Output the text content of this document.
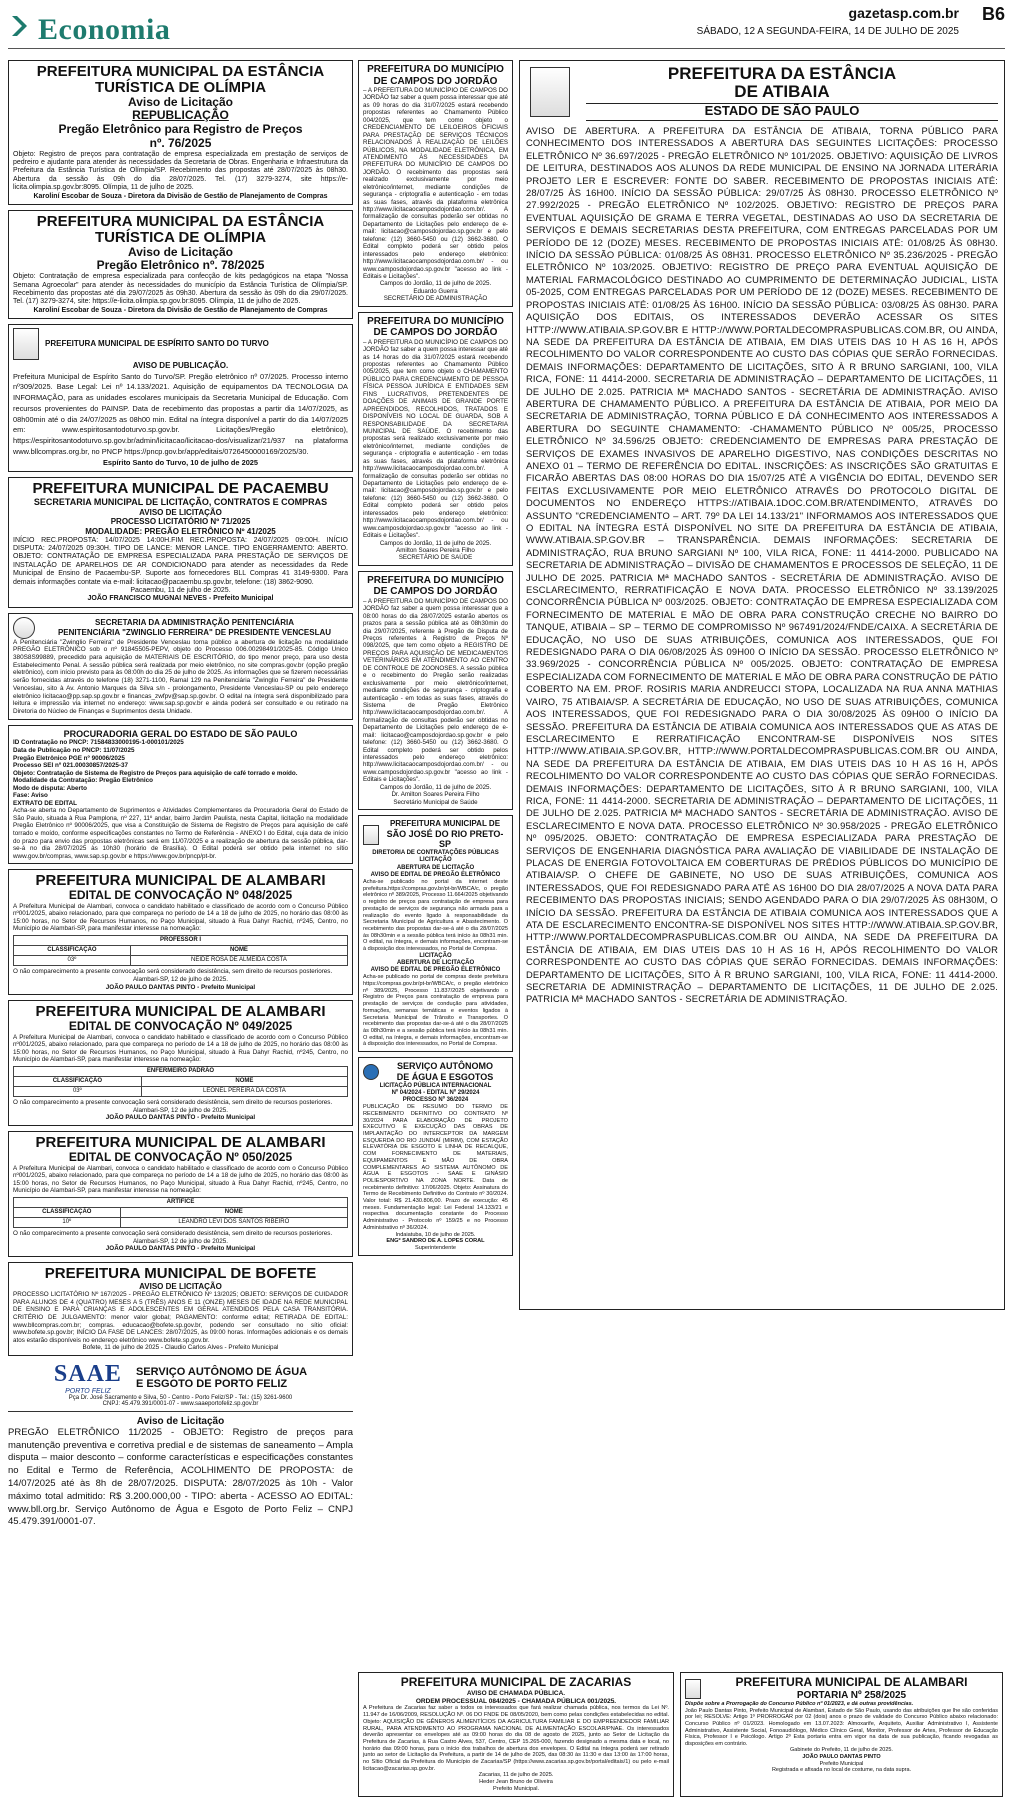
Economia	gazetasp.com.br
SÁBADO, 12 A SEGUNDA-FEIRA, 14 DE JULHO DE 2025
B6
PREFEITURA MUNICIPAL DA ESTÂNCIA
TURÍSTICA DE OLÍMPIA
Aviso de Licitação
REPUBLICAÇÃO
Pregão Eletrônico para Registro de Preços
nº. 76/2025
Objeto: Registro de preços para contratação de empresa especializada em prestação de serviços de pedreiro e ajudante para atender às necessidades da Secretaria de Obras. Engenharia e Infraestrutura da Prefeitura da Estância Turística de Olímpia/SP. Recebimento das propostas até 28/07/2025 às 08h30. Abertura da sessão às 09h do dia 28/07/2025. Tel. (17) 3279-3274, site https://e-licita.olimpia.sp.gov.br:8095. Olímpia, 11 de julho de 2025.
Karoliní Escobar de Souza - Diretora da Divisão de Gestão de Planejamento de Compras
PREFEITURA MUNICIPAL DA ESTÂNCIA
TURÍSTICA DE OLÍMPIA
Aviso de Licitação
Pregão Eletrônico nº. 78/2025
Objeto: Contratação de empresa especializada para confecção de kits pedagógicos na etapa "Nossa Semana Agroecolar" para atender às necessidades do município da Estância Turística de Olímpia/SP. Recebimento das propostas até dia 29/07/2025 às 09h30. Abertura da sessão às 09h do dia 29/07/2025. Tel. (17) 3279-3274, site: https://e-licita.olimpia.sp.gov.br:8095. Olímpia, 11 de julho de 2025.
Karoliní Escobar de Souza - Diretora da Divisão de Gestão de Planejamento de Compras
PREFEITURA MUNICIPAL DE ESPÍRITO SANTO DO TURVO
AVISO DE PUBLICAÇÃO.
Prefeitura Municipal de Espírito Santo do Turvo/SP. Pregão eletrônico nº 07/2025. Processo interno nº309/2025. Base Legal: Lei nº 14.133/2021. Aquisição de equipamentos DA TECNOLOGIA DA INFORMAÇÃO, para as unidades escolares municipais da Secretaria Municipal de Educação. Com recursos provenientes do PAINSP. Data de recebimento das propostas a partir dia 14/07/2025, as 08h00min até o dia 24/07/2025 as 08h00 min. Edital na íntegra disponível a partir do dia 14/07/2025 em: www.espiritosantodoturvo.sp.gov.br. Licitações/Pregão eletrônico), https://espiritosantodoturvo.sp.gov.br/admin/licitacao/licitacao-dos/visualizar/21/937 na plataforma www.bllcompras.org.br, no PNCP https://pncp.gov.br/app/editais/0726450000169/2025/30.
Espírito Santo do Turvo, 10 de julho de 2025
PREFEITURA MUNICIPAL DE PACAEMBU
SECRETARIA MUNICIPAL DE LICITAÇÃO, CONTRATOS E COMPRAS
AVISO DE LICITAÇÃO
PROCESSO LICITATÓRIO Nº 71/2025
MODALIDADE: PREGÃO ELETRÔNICO Nº 41/2025
INÍCIO REC.PROPOSTA: 14/07/2025 14:00H.FIM REC.PROPOSTA: 24/07/2025 09:00H. INÍCIO DISPUTA: 24/07/2025 09:30H. TIPO DE LANCE: MENOR LANCE. TIPO ENGERRAMENTO: ABERTO. OBJETO: CONTRATAÇÃO DE EMPRESA ESPECIALIZADA PARA PRESTAÇÃO DE SERVIÇOS DE INSTALAÇÃO DE APARELHOS DE AR CONDICIONADO para atender as necessidades da Rede Municipal de Ensino de Pacaembu-SP. Suporte aos fornecedores BLL Compras 41 3149-9300. Para demais informações contate via e-mail: licitacao@pacaembu.sp.gov.br, telefone: (18) 3862-9090.
Pacaembu, 11 de julho de 2025.
JOÃO FRANCISCO MUGNAI NEVES - Prefeito Municipal
SECRETARIA DA ADMINISTRAÇÃO PENITENCIÁRIA
PENITENCIÁRIA "ZWINGLIO FERREIRA" DE PRESIDENTE VENCESLAU
A Penitenciária "Zwinglio Ferreira" de Presidente Venceslau torna público a abertura de licitação na modalidade PREGÃO ELETRÔNICO sob o nº 91845505-PEPV, objeto do Processo 006.00298491/2025-85. Código Unico 380S8S99889, precedido para aquisição de MATERIAIS DE ESCRITÓRIO, do tipo menor preço, para uso desta Estabelecimento Penal. A sessão pública será realizada por meio eletrônico, no site compras.gov.br (opção pregão eletrônico), com início previsto para às 08:00h do dia 25 de julho de 2025. As informações que se fizerem necessárias serão fornecidas através do telefone (18) 3271-1100, Ramal 129 na Penitenciária "Zwinglio Ferreira" de Presidente Venceslau, sito à Av. Antonio Marques da Silva s/n - prolongamento, Presidente Venceslau-SP ou pelo endereço eletrônico licitacao@pp.sap.sp.gov.br e financas_zwfpv@sap.sp.gov.br. O edital na íntegra será disponibilizado para leitura e impressão via internet no endereço: www.sap.sp.gov.br e ainda poderá ser consultado e ou retirado na Diretoria do Núcleo de Finanças e Suprimentos desta Unidade.
PROCURADORIA GERAL DO ESTADO DE SÃO PAULO
ID Contratação no PNCP: 71584833000195-1-000101/2025
Data de Publicação no PNCP: 11/07/2025
Pregão Eletrônico PGE nº 90006/2025
Processo SEI nº 021.00030857/2025-37
Objeto: Contratação de Sistema de Registro de Preços para aquisição de café torrado e moído.
Modalidade da Contratação: Pregão Eletrônico
Modo de disputa: Aberto
Fase: Aviso
EXTRATO DE EDITAL
Acha-se aberta no Departamento de Suprimentos e Atividades Complementares da Procuradoria Geral do Estado de São Paulo, situada à Rua Pamplona, nº 227, 11º andar, bairro Jardim Paulista, nesta Capital, licitação na modalidade Pregão Eletrônico nº 90006/2025, que visa a Constituição de Sistema de Registro de Preços para aquisição de café torrado e moído, conforme especificações constantes no Termo de Referência - ANEXO I do Edital, cuja data de início do prazo para envio das propostas eletrônicas será em 11/07/2025 e a realização de abertura da sessão pública, dar-se-á no dia 28/07/2025 às 10h30 (horário de Brasília). O Edital poderá ser obtido pela internet no sítio www.gov.br/compras, www.sap.sp.gov.br e https://www.gov.br/pncp/pt-br.
PREFEITURA MUNICIPAL DE ALAMBARI
EDITAL DE CONVOCAÇÃO Nº 048/2025
A Prefeitura Municipal de Alambari, convoca o candidato habilitado e classificado de acordo com o Concurso Público nº001/2025, abaixo relacionado, para que compareça no período de 14 a 18 de julho de 2025, no horário das 08:00 às 15:00 horas, no Setor de Recursos Humanos, no Paço Municipal, situado à Rua Dahyr Rachid, nº245, Centro, no Município de Alambari-SP, para manifestar interesse na nomeação:
PROFESSOR I	
CLASSIFICAÇÃO	NOME
03º	NEIDE ROSA DE ALMEIDA COSTA
O não comparecimento a presente convocação será considerado desistência, sem direito de recursos posteriores.
Alambari-SP, 12 de julho de 2025.
JOÃO PAULO DANTAS PINTO - Prefeito Municipal
PREFEITURA MUNICIPAL DE ALAMBARI
EDITAL DE CONVOCAÇÃO Nº 049/2025
A Prefeitura Municipal de Alambari, convoca o candidato habilitado e classificado de acordo com o Concurso Público nº001/2025, abaixo relacionado, para que compareça no período de 14 a 18 de julho de 2025, no horário das 08:00 às 15:00 horas, no Setor de Recursos Humanos, no Paço Municipal, situado à Rua Dahyr Rachid, nº245, Centro, no Município de Alambari-SP, para manifestar interesse na nomeação:
ENFERMEIRO PADRÃO	
CLASSIFICAÇÃO	NOME
03º	LEONEL PEREIRA DA COSTA
O não comparecimento a presente convocação será considerado desistência, sem direito de recursos posteriores.
Alambari-SP, 12 de julho de 2025.
JOÃO PAULO DANTAS PINTO - Prefeito Municipal
PREFEITURA MUNICIPAL DE ALAMBARI
EDITAL DE CONVOCAÇÃO Nº 050/2025
A Prefeitura Municipal de Alambari, convoca o candidato habilitado e classificado de acordo com o Concurso Público nº001/2025, abaixo relacionado, para que compareça no período de 14 a 18 de julho de 2025, no horário das 08:00 às 15:00 horas, no Setor de Recursos Humanos, no Paço Municipal, situado à Rua Dahyr Rachid, nº245, Centro, no Município de Alambari-SP, para manifestar interesse na nomeação:
ARTÍFICE	
CLASSIFICAÇÃO	NOME
10º	LEANDRO LEVI DOS SANTOS RIBEIRO
O não comparecimento a presente convocação será considerado desistência, sem direito de recursos posteriores.
Alambari-SP, 12 de julho de 2025.
JOÃO PAULO DANTAS PINTO - Prefeito Municipal
PREFEITURA MUNICIPAL DE BOFETE
AVISO DE LICITAÇÃO
PROCESSO LICITATÓRIO Nº 167/2025 - PREGÃO ELETRÔNICO Nº 13/2025; OBJETO: SERVIÇOS DE CUIDADOR PARA ALUNOS DE 4 (QUATRO) MESES A 5 (TRÊS) ANOS E 11 (ONZE) MESES DE IDADE NA REDE MUNICIPAL DE ENSINO E PARA CRIANÇAS E ADOLESCENTES EM GERAL ATENDIDOS PELA CASA TRANSITÓRIA. CRITÉRIO DE JULGAMENTO: menor valor global; PAGAMENTO: conforme edital; RETIRADA DE EDITAL: www.bllcompras.com.br; compras. educacao@bofete.sp.gov.br, podendo ser consultado no sítio oficial: www.bofete.sp.gov.br; INÍCIO DA FASE DE LANCES: 28/07/2025, às 09:00 horas. Informações adicionais e os demais atos estarão disponíveis no endereço eletrônico www.bofete.sp.gov.br.
Bofete, 11 de julho de 2025 - Claudio Carlos Alves - Prefeito Municipal
SAAE
PORTO FELIZ
SERVIÇO AUTÔNOMO DE ÁGUA
E ESGOTO DE PORTO FELIZ
Pça Dr. José Sacramento e Silva, 50 - Centro - Porto Feliz/SP - Tel.: (15) 3261-9600
CNPJ: 45.479.391/0001-07 - www.saaeportofeliz.sp.gov.br
Aviso de Licitação
PREGÃO ELETRÔNICO 11/2025 - OBJETO: Registro de preços para manutenção preventiva e corretiva predial e de sistemas de saneamento – Ampla disputa – maior desconto – conforme características e especificações constantes no Edital e Termo de Referência, ACOLHIMENTO DE PROPOSTA: de 14/07/2025 até às 8h de 28/07/2025. DISPUTA: 28/07/2025 às 10h - Valor máximo total admitido: R$ 3.200.000,00 - TIPO: aberta - ACESSO AO EDITAL: www.bll.org.br. Serviço Autônomo de Água e Esgoto de Porto Feliz – CNPJ 45.479.391/0001-07.
PREFEITURA DO MUNICÍPIO DE CAMPOS DO JORDÃO
– A PREFEITURA DO MUNICÍPIO DE CAMPOS DO JORDÃO faz saber a quem possa interessar que até as 09 horas do dia 31/07/2025 estará recebendo propostas referentes ao Chamamento Público 004/2025, que tem como objeto o CREDENCIAMENTO DE LEILOEIROS OFICIAIS PARA PRESTAÇÃO DE SERVIÇOS TÉCNICOS RELACIONADOS À REALIZAÇÃO DE LEILÕES PÚBLICOS, NA MODALIDADE ELETRÔNICA, EM ATENDIMENTO ÀS NECESSIDADES DA PREFEITURA DO MUNICÍPIO DE CAMPOS DO JORDÃO. O recebimento das propostas será realizado exclusivamente por meio eletrônico/internet, mediante condições de segurança - criptografia e autenticação - em todas as suas fases, através da plataforma eletrônica http://www.licitacaocamposdojordao.com.br/. A formalização de consultas poderão ser obtidas no Departamento de Licitações pelo endereço de e-mail: licitacao@camposdojordao.sp.gov.br e pelo telefone: (12) 3660-5450 ou (12) 3662-3680. O Edital completo poderá ser obtido pelos interessados pelo endereço eletrônico: http://www.licitacaocamposdojordao.com.br/ - ou www.camposdojordao.sp.gov.br "acesso ao link - Editais e Licitações".
Campos do Jordão, 11 de julho de 2025.
Eduardo Guerra
SECRETÁRIO DE ADMINISTRAÇÃO
PREFEITURA DO MUNICÍPIO DE CAMPOS DO JORDÃO
– A PREFEITURA DO MUNICÍPIO DE CAMPOS DO JORDÃO faz saber a quem possa interessar que até as 14 horas do dia 31/07/2025 estará recebendo propostas referentes ao Chamamento Público 005/2025, que tem como objeto o CHAMAMENTO PÚBLICO PARA CREDENCIAMENTO DE PESSOA FÍSICA PESSOA JURÍDICA E ENTIDADES SEM FINS LUCRATIVOS, PRETENDENTES DE DOAÇÕES DE ANIMAIS DE GRANDE PORTE APREENDIDOS, RECOLHIDOS, TRATADOS E DISPONÍVEIS NO LOCAL DE GUARDA, SOB A RESPONSABILIDADE DA SECRETARIA MUNICIPAL DE SAÚDE. O recebimento das propostas será realizado exclusivamente por meio eletrônico/internet, mediante condições de segurança - criptografia e autenticação - em todas as suas fases, através da plataforma eletrônica http://www.licitacaocamposdojordao.com.br/. A formalização de consultas poderão ser obtidas no Departamento de Licitações pelo endereço de e-mail: licitacao@camposdojordao.sp.gov.br e pelo telefone: (12) 3660-5450 ou (12) 3662-3680. O Edital completo poderá ser obtido pelos interessados pelo endereço eletrônico: http://www.licitacaocamposdojordao.com.br/ - ou www.camposdojordao.sp.gov.br "acesso ao link - Editais e Licitações".
Campos do Jordão, 11 de julho de 2025.
Amilton Soares Pereira Filho
SECRETÁRIO DE SAÚDE
PREFEITURA DO MUNICÍPIO DE CAMPOS DO JORDÃO
– A PREFEITURA DO MUNICÍPIO DE CAMPOS DO JORDÃO faz saber a quem possa interessar que a 08:00 horas do dia 28/07/2025 estarão abertos os prazos para a sessão pública até as 08h30min do dia 29/07/2025, referente à Pregão de Disputa de Preços referentes à Registro de Preços Nº 098/2025, que tem como objeto a REGISTRO DE PREÇOS PARA AQUISIÇÃO DE MEDICAMENTOS VETERINÁRIOS EM ATENDIMENTO AO CENTRO DE CONTROLE DE ZOONOSES. A sessão pública e o recebimento do Pregão serão realizadas exclusivamente por meio eletrônico/internet, mediante condições de segurança - criptografia e autenticação - em todas as suas fases, através do Sistema de Pregão Eletrônico http://www.licitacaocamposdojordao.com.br/. A formalização de consultas poderão ser obtidas no Departamento de Licitações pelo endereço de e-mail: licitacao@camposdojordao.sp.gov.br e pelo telefone: (12) 3660-5450 ou (12) 3662-3680. O Edital completo poderá ser obtido pelos interessados pelo endereço eletrônico: http://www.licitacaocamposdojordao.com.br/ - ou www.camposdojordao.sp.gov.br "acesso ao link - Editais e Licitações".
Campos do Jordão, 11 de julho de 2025.
Dr. Amilton Soares Pereira Filho
Secretário Municipal de Saúde
PREFEITURA MUNICIPAL DE
SÃO JOSÉ DO RIO PRETO-SP
DIRETORIA DE CONTRATAÇÕES PÚBLICAS LICITAÇÃO
ABERTURA DE LICITAÇÃO
AVISO DE EDITAL DE PREGÃO ELETRÔNICO
Acha-se publicado no portal da internet deste prefeitura.https://compras.gov.br/pt-br/WBCA/c, o pregão eletrônico nº 389/2025, Processo 11.664/2025 objetivando o registro de preços para contratação de empresa para prestação de serviços de segurança não armada para a realização do evento ligado à responsabilidade da Secretaria Municipal de Agricultura e Abastecimento. O recebimento das propostas dar-se-á até o dia 28/07/2025 às 08h30min e a sessão pública terá início às 08h31 min. O edital, na íntegra, e demais informações, encontram-se à disposição dos interessados, no Portal de Compras.
LICITAÇÃO
ABERTURA DE LICITAÇÃO
AVISO DE EDITAL DE PREGÃO ELETRÔNICO
Acha-se publicado no portal de compras deste prefeitura https://compras.gov.br/pt-br/WBCA/c, o pregão eletrônico nº 389/2025, Processo 11.837/2025 objetivando o Registro de Preços para contratação de empresa para prestação de serviços de condução para atividades, formações, semanas temáticas e eventos ligados à Secretaria Municipal de Trânsito e Transportes. O recebimento das propostas dar-se-á até o dia 28/07/2025 às 08h30min e a sessão pública terá início às 08h31 min. O edital, na íntegra, e demais informações, encontram-se à disposição dos interessados, no Portal de Compras.
SERVIÇO AUTÔNOMO
DE ÁGUA E ESGOTOS
LICITAÇÃO PÚBLICA INTERNACIONAL
Nº 04/2024 - EDITAL Nº 29/2024
PROCESSO Nº 36/2024
PUBLICAÇÃO DE RESUMO DO TERMO DE RECEBIMENTO DEFINITIVO DO CONTRATO Nº 30/2024 PARA ELABORAÇÃO DE PROJETO EXECUTIVO E EXECUÇÃO DAS OBRAS DE IMPLANTAÇÃO DO INTERCEPTOR DA MARGEM ESQUERDA DO RIO JUNDIAÍ (MIRIM), COM ESTAÇÃO ELEVATÓRIA DE ESGOTO E LINHA DE RECALQUE, COM FORNECIMENTO DE MATERIAIS, EQUIPAMENTOS E MÃO DE OBRA COMPLEMENTARES AO SISTEMA AUTÔNOMO DE ÁGUA E ESGOTOS - SAAE E GINÁSIO POLIESPORTIVO NA ZONA NORTE. Data de recebimento definitivo: 17/06/2025. Objeto: Assinatura do Termo de Recebimento Definitivo do Contrato nº 30/2024. Valor total: R$ 21.430.806,00. Prazo de execução: 45 meses. Fundamentação legal: Lei Federal 14.133/21 e respectiva documentação constante do Processo Administrativo - Protocolo nº 159/25 e no Processo Administrativo nº 36/2024.
Indaiatuba, 10 de julho de 2025.
ENGº SANDRO DE A. LOPES CORAL
Superintendente
PREFEITURA DA ESTÂNCIA
DE ATIBAIA
ESTADO DE SÃO PAULO
AVISO DE ABERTURA. A PREFEITURA DA ESTÂNCIA DE ATIBAIA, TORNA PÚBLICO PARA CONHECIMENTO DOS INTERESSADOS A ABERTURA DAS SEGUINTES LICITAÇÕES: PROCESSO ELETRÔNICO Nº 36.697/2025 - PREGÃO ELETRÔNICO Nº 101/2025. OBJETIVO: AQUISIÇÃO DE LIVROS DE LEITURA, DESTINADOS AOS ALUNOS DA REDE MUNICIPAL DE ENSINO NA JORNADA LITERÁRIA PROJETO LER E ESCREVER: FONTE DO SABER. RECEBIMENTO DE PROPOSTAS INICIAIS ATÉ: 28/07/25 ÀS 16H00. INÍCIO DA SESSÃO PÚBLICA: 29/07/25 ÀS 08H30. PROCESSO ELETRÔNICO Nº 27.992/2025 - PREGÃO ELETRÔNICO Nº 102/2025. OBJETIVO: REGISTRO DE PREÇOS PARA EVENTUAL AQUISIÇÃO DE GRAMA E TERRA VEGETAL, DESTINADAS AO USO DA SECRETARIA DE SERVIÇOS E DEMAIS SECRETARIAS DESTA PREFEITURA, COM ENTREGAS PARCELADAS POR UM PERÍODO DE 12 (DOZE) MESES. RECEBIMENTO DE PROPOSTAS INICIAIS ATÉ: 01/08/25 ÀS 08H30. INÍCIO DA SESSÃO PÚBLICA: 01/08/25 ÀS 08H31. PROCESSO ELETRÔNICO Nº 35.236/2025 - PREGÃO ELETRÔNICO Nº 103/2025. OBJETIVO: REGISTRO DE PREÇO PARA EVENTUAL AQUISIÇÃO DE MATERIAL FARMACOLÓGICO DESTINADO AO CUMPRIMENTO DE DETERMINAÇÃO JUDICIAL, LISTA 05-2025, COM ENTREGAS PARCELADAS POR UM PERÍODO DE 12 (DOZE) MESES. RECEBIMENTO DE PROPOSTAS INICIAIS ATÉ: 01/08/25 ÀS 16H00. INÍCIO DA SESSÃO PÚBLICA: 03/08/25 ÀS 08H30. PARA AQUISIÇÃO DOS EDITAIS, OS INTERESSADOS DEVERÃO ACESSAR OS SITES HTTP://WWW.ATIBAIA.SP.GOV.BR E HTTP://WWW.PORTALDECOMPRASPUBLICAS.COM.BR, OU AINDA, NA SEDE DA PREFEITURA DA ESTÂNCIA DE ATIBAIA, EM DIAS UTEIS DAS 10 H AS 16 H, APÓS RECOLHIMENTO DO VALOR CORRESPONDENTE AO CUSTO DAS CÓPIAS QUE SERÃO FORNECIDAS. DEMAIS INFORMAÇÕES: DEPARTAMENTO DE LICITAÇÕES, SITO À R BRUNO SARGIANI, 100, VILA RICA, FONE: 11 4414-2000. SECRETARIA DE ADMINISTRAÇÃO – DEPARTAMENTO DE LICITAÇÕES, 11 DE JULHO DE 2.025. PATRICIA Mª MACHADO SANTOS - SECRETÁRIA DE ADMINISTRAÇÃO. AVISO ABERTURA DE CHAMAMENTO PÚBLICO. A PREFEITURA DA ESTÂNCIA DE ATIBAIA, POR MEIO DA SECRETARIA DE ADMINISTRAÇÃO, TORNA PÚBLICO E DÁ CONHECIMENTO AOS INTERESSADOS A ABERTURA DO SEGUINTE CHAMAMENTO: -CHAMAMENTO PÚBLICO Nº 005/25, PROCESSO ELETRÔNICO Nº 34.596/25 OBJETO: CREDENCIAMENTO DE EMPRESAS PARA PRESTAÇÃO DE SERVIÇOS DE EXAMES INVASIVOS DE APARELHO DIGESTIVO, NAS CONDIÇÕES DESCRITAS NO ANEXO 01 – TERMO DE REFERÊNCIA DO EDITAL. INSCRIÇÕES: AS INSCRIÇÕES SÃO GRATUITAS E FICARÃO ABERTAS DAS 08:00 HORAS DO DIA 15/07/25 ATÉ A VIGÊNCIA DO EDITAL, DEVENDO SER FEITAS EXCLUSIVAMENTE POR MEIO ELETRÔNICO ATRAVÉS DO PROTOCOLO DIGITAL DE DOCUMENTOS NO ENDEREÇO HTTPS://ATIBAIA.1DOC.COM.BR/ATENDIMENTO, ATRAVÉS DO ASSUNTO "CREDENCIAMENTO – ART. 79º DA LEI 14.133/21" INFORMAMOS AOS INTERESSADOS QUE O EDITAL NA ÍNTEGRA ESTÁ DISPONÍVEL NO SITE DA PREFEITURA DA ESTÂNCIA DE ATIBAIA, WWW.ATIBAIA.SP.GOV.BR – TRANSPARÊNCIA. DEMAIS INFORMAÇÕES: SECRETARIA DE ADMINISTRAÇÃO, RUA BRUNO SARGIANI Nº 100, VILA RICA, FONE: 11 4414-2000. PUBLICADO NA SECRETARIA DE ADMINISTRAÇÃO – DIVISÃO DE CHAMAMENTOS E PROCESSOS DE SELEÇÃO, 11 DE JULHO DE 2025. PATRICIA Mª MACHADO SANTOS - SECRETÁRIA DE ADMINISTRAÇÃO. AVISO DE ESCLARECIMENTO, RERRATIFICAÇÃO E NOVA DATA. PROCESSO ELETRÔNICO Nº 33.139/2025 CONCORRÊNCIA PÚBLICA Nº 003/2025. OBJETO: CONTRATAÇÃO DE EMPRESA ESPECIALIZADA COM FORNECIMENTO DE MATERIAL E MÃO DE OBRA PARA CONSTRUÇÃO CRECHE NO BAIRRO DO TANQUE, ATIBAIA – SP – TERMO DE COMPROMISSO Nº 967491/2024/FNDE/CAIXA. A SECRETÁRIA DE EDUCAÇÃO, NO USO DE SUAS ATRIBUIÇÕES, COMUNICA AOS INTERESSADOS, QUE FOI REDESIGNADO PARA O DIA 06/08/2025 ÀS 09H00 O INÍCIO DA SESSÃO. PROCESSO ELETRÔNICO Nº 33.969/2025 - CONCORRÊNCIA PÚBLICA Nº 005/2025. OBJETO: CONTRATAÇÃO DE EMPRESA ESPECIALIZADA COM FORNECIMENTO DE MATERIAL E MÃO DE OBRA PARA CONSTRUÇÃO DE PÁTIO COBERTO NA EM. PROF. ROSIRIS MARIA ANDREUCCI STOPA, LOCALIZADA NA RUA ANNA MATHIAS VAIRO, 75 ATIBAIA/SP. A SECRETÁRIA DE EDUCAÇÃO, NO USO DE SUAS ATRIBUIÇÕES, COMUNICA AOS INTERESSADOS, QUE FOI REDESIGNADO PARA O DIA 30/08/2025 ÀS 09H00 O INÍCIO DA SESSÃO. PREFEITURA DA ESTÂNCIA DE ATIBAIA COMUNICA AOS INTERESSADOS QUE AS ATAS DE ESCLARECIMENTO E RERRATIFICAÇÃO ENCONTRAM-SE DISPONÍVEIS NOS SITES HTTP://WWW.ATIBAIA.SP.GOV.BR, HTTP://WWW.PORTALDECOMPRASPUBLICAS.COM.BR OU AINDA, NA SEDE DA PREFEITURA DA ESTÂNCIA DE ATIBAIA, EM DIAS UTEIS DAS 10 H AS 16 H, APÓS RECOLHIMENTO DO VALOR CORRESPONDENTE AO CUSTO DAS CÓPIAS QUE SERÃO FORNECIDAS. DEMAIS INFORMAÇÕES: DEPARTAMENTO DE LICITAÇÕES, SITO À R BRUNO SARGIANI, 100, VILA RICA, FONE: 11 4414-2000. SECRETARIA DE ADMINISTRAÇÃO – DEPARTAMENTO DE LICITAÇÕES, 11 DE JULHO DE 2.025. PATRICIA Mª MACHADO SANTOS - SECRETÁRIA DE ADMINISTRAÇÃO. AVISO DE ESCLARECIMENTO E NOVA DATA. PROCESSO ELETRÔNICO Nº 30.958/2025 - PREGÃO ELETRÔNICO Nº 095/2025. OBJETO: CONTRATAÇÃO DE EMPRESA ESPECIALIZADA PARA PRESTAÇÃO DE SERVIÇOS DE ENGENHARIA DIAGNÓSTICA PARA AVALIAÇÃO DE VIABILIDADE DE INSTALAÇÃO DE PLACAS DE ENERGIA FOTOVOLTAICA EM COBERTURAS DE PRÉDIOS PÚBLICOS DO MUNICÍPIO DE ATIBAIA/SP. O CHEFE DE GABINETE, NO USO DE SUAS ATRIBUIÇÕES, COMUNICA AOS INTERESSADOS, QUE FOI REDESIGNADO PARA ATÉ AS 16H00 DO DIA 28/07/2025 A NOVA DATA PARA RECEBIMENTO DAS PROPOSTAS INICIAIS; SENDO AGENDADO PARA O DIA 29/07/2025 ÀS 08H30M, O INÍCIO DA SESSÃO. PREFEITURA DA ESTÂNCIA DE ATIBAIA COMUNICA AOS INTERESSADOS QUE A ATA DE ESCLARECIMENTO ENCONTRA-SE DISPONÍVEL NOS SITES HTTP://WWW.ATIBAIA.SP.GOV.BR, HTTP://WWW.PORTALDECOMPRASPUBLICAS.COM.BR OU AINDA, NA SEDE DA PREFEITURA DA ESTÂNCIA DE ATIBAIA, EM DIAS UTEIS DAS 10 H AS 16 H, APÓS RECOLHIMENTO DO VALOR CORRESPONDENTE AO CUSTO DAS CÓPIAS QUE SERÃO FORNECIDAS. DEMAIS INFORMAÇÕES: DEPARTAMENTO DE LICITAÇÕES, SITO À R BRUNO SARGIANI, 100, VILA RICA, FONE: 11 4414-2000. SECRETARIA DE ADMINISTRAÇÃO – DEPARTAMENTO DE LICITAÇÕES, 11 DE JULHO DE 2.025. PATRICIA Mª MACHADO SANTOS - SECRETÁRIA DE ADMINISTRAÇÃO.
PREFEITURA MUNICIPAL DE ZACARIAS
AVISO DE CHAMADA PÚBLICA.
ORDEM PROCESSUAL 084/2025 - CHAMADA PÚBLICA 001/2025.
A Prefeitura de Zacarias faz saber a todos os interessados que fará realizar chamada pública, nos termos da Lei Nº. 11.947 de 16/06/2009, RESOLUÇÃO Nº. 06 DO FNDE DE 08/05/2020, bem como pelas condições estabelecidas no edital. Objeto: AQUISIÇÃO DE GÊNEROS ALIMENTÍCIOS DA AGRICULTURA FAMILIAR E DO EMPREENDEDOR FAMILIAR RURAL, PARA ATENDIMENTO AO PROGRAMA NACIONAL DE ALIMENTAÇÃO ESCOLAR/PNAE. Os interessados deverão apresentar os envelopes até as 09:00 horas do dia 08 de agosto de 2025, junto ao Setor de Licitação da Prefeitura de Zacarias, à Rua Castro Alves, 537, Centro, CEP 15.265-000, fazendo designado a mesma data e local, no horário das 09:00 horas, para o início dos trabalhos de abertura dos envelopes. O Edital na íntegra poderá ser retirado junto ao setor de Licitação da Prefeitura, a partir de 14 de julho de 2025, das 08:30 às 11:30 e das 13:00 às 17:00 horas, no Sítio Oficial da Prefeitura do Município de Zacarias/SP (https://www.zacarias.sp.gov.br/portal/editais/1) ou pelo e-mail licitacao@zacarias.sp.gov.br.
Zacarias, 11 de julho de 2025.
Heder Jean Bruno de Oliveira
Prefeito Municipal.
PREFEITURA MUNICIPAL DE ALAMBARI
PORTARIA Nº 258/2025
Dispõe sobre a Prorrogação do Concurso Público nº 01/2023, e dá outras providências.
João Paulo Dantas Pinto, Prefeito Municipal de Alambari, Estado de São Paulo, usando das atribuições que lhe são conferidas por lei; RESOLVE: Artigo 1º PRORROGAR por 02 (dois) anos o prazo de validade do Concurso Público abaixo relacionado: Concurso Público nº 01/2023. Homologado em 13.07.2023: Almoxarife, Arquiteto, Auxiliar Administrativo I, Assistente Administrativo, Assistente Social, Fonoaudiólogo, Médico Clínico Geral, Monitor, Professor de Artes, Professor de Educação Física, Professor I e Psicólogo. Artigo 2º Esta portaria entra em vigor na data de sua publicação, ficando revogadas as disposições em contrário.
Gabinete do Prefeito, 11 de julho de 2025.
JOÃO PAULO DANTAS PINTO
Prefeito Municipal
Registrada e afixada no local de costume, na data supra.
